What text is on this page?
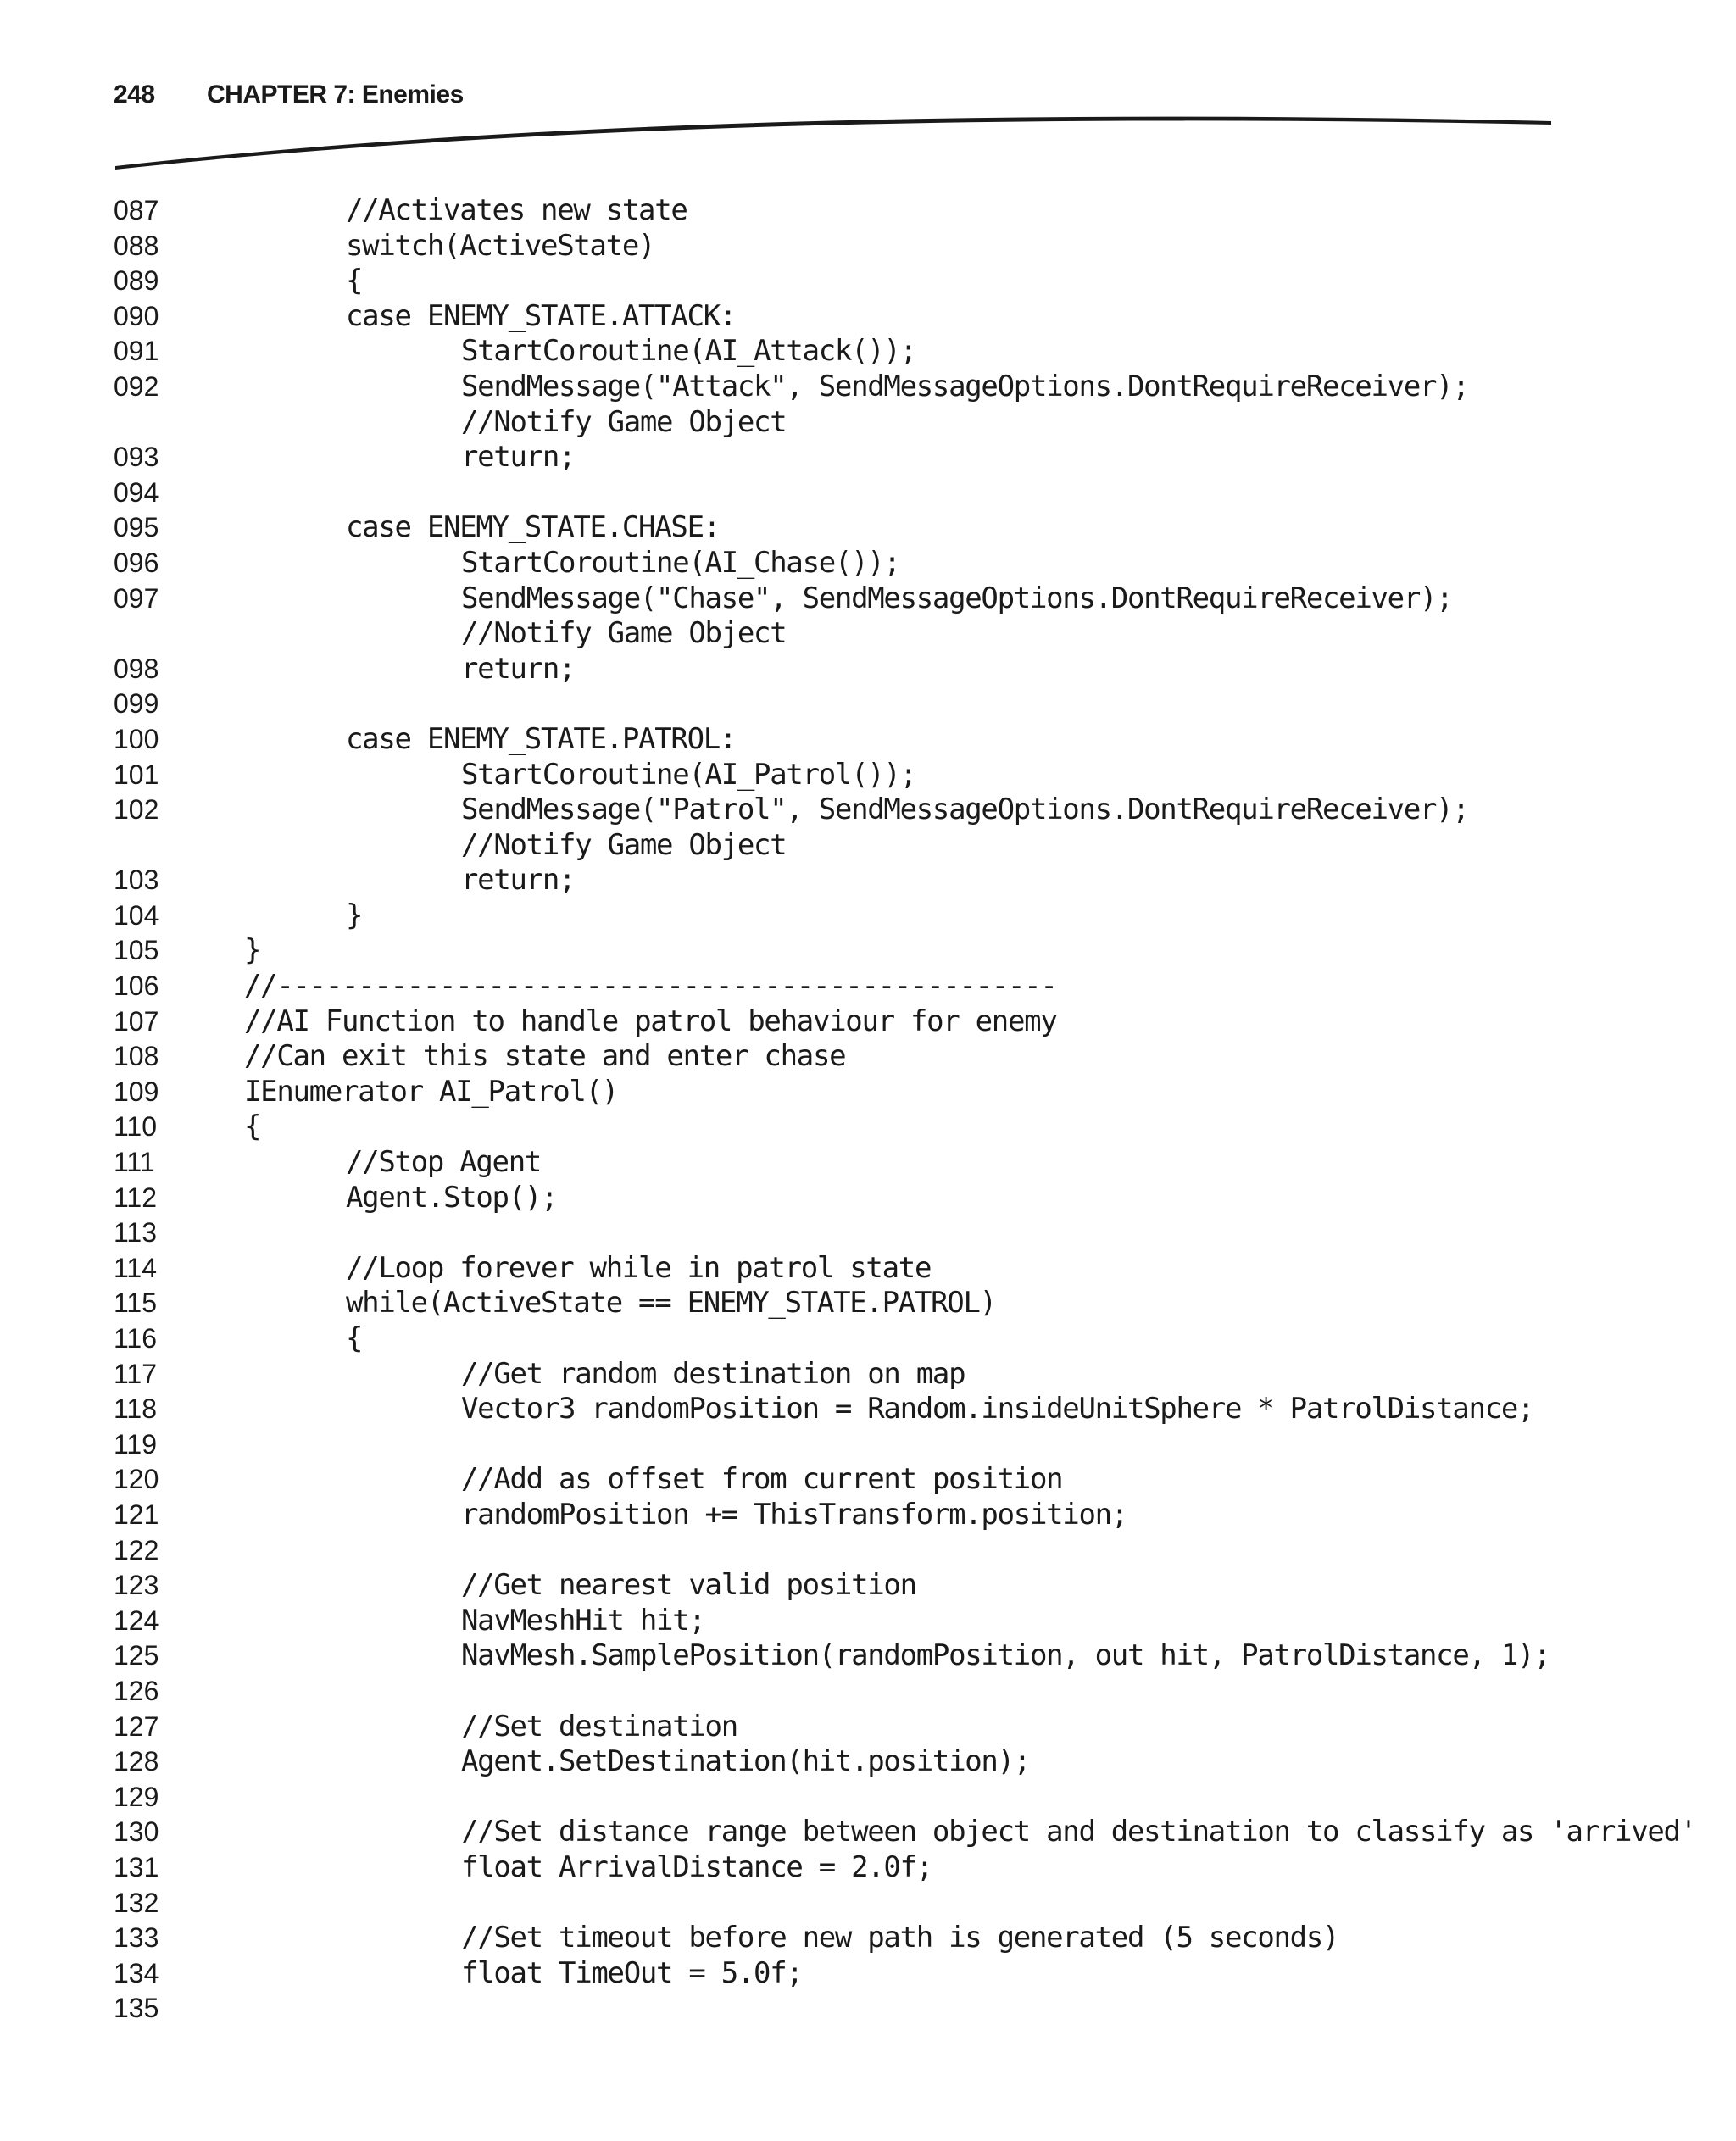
248	CHAPTER 7: Enemies
087	//Activates new state
088	switch(ActiveState)
089	{
090	case ENEMY_STATE.ATTACK:
091	StartCoroutine(AI_Attack());
092	SendMessage("Attack", SendMessageOptions.DontRequireReceiver);
//Notify Game Object
093	return;
094
095	case ENEMY_STATE.CHASE:
096	StartCoroutine(AI_Chase());
097	SendMessage("Chase", SendMessageOptions.DontRequireReceiver);
//Notify Game Object
098	return;
099
100	case ENEMY_STATE.PATROL:
101	StartCoroutine(AI_Patrol());
102	SendMessage("Patrol", SendMessageOptions.DontRequireReceiver);
//Notify Game Object
103	return;
104	}
105	}
106	//------------------------------------------------
107	//AI Function to handle patrol behaviour for enemy
108	//Can exit this state and enter chase
109	IEnumerator AI_Patrol()
110	{
111	//Stop Agent
112	Agent.Stop();
113
114	//Loop forever while in patrol state
115	while(ActiveState == ENEMY_STATE.PATROL)
116	{
117	//Get random destination on map
118	Vector3 randomPosition = Random.insideUnitSphere * PatrolDistance;
119
120	//Add as offset from current position
121	randomPosition += ThisTransform.position;
122
123	//Get nearest valid position
124	NavMeshHit hit;
125	NavMesh.SamplePosition(randomPosition, out hit, PatrolDistance, 1);
126
127	//Set destination
128	Agent.SetDestination(hit.position);
129
130	//Set distance range between object and destination to classify as 'arrived'
131	float ArrivalDistance = 2.0f;
132
133	//Set timeout before new path is generated (5 seconds)
134	float TimeOut = 5.0f;
135
